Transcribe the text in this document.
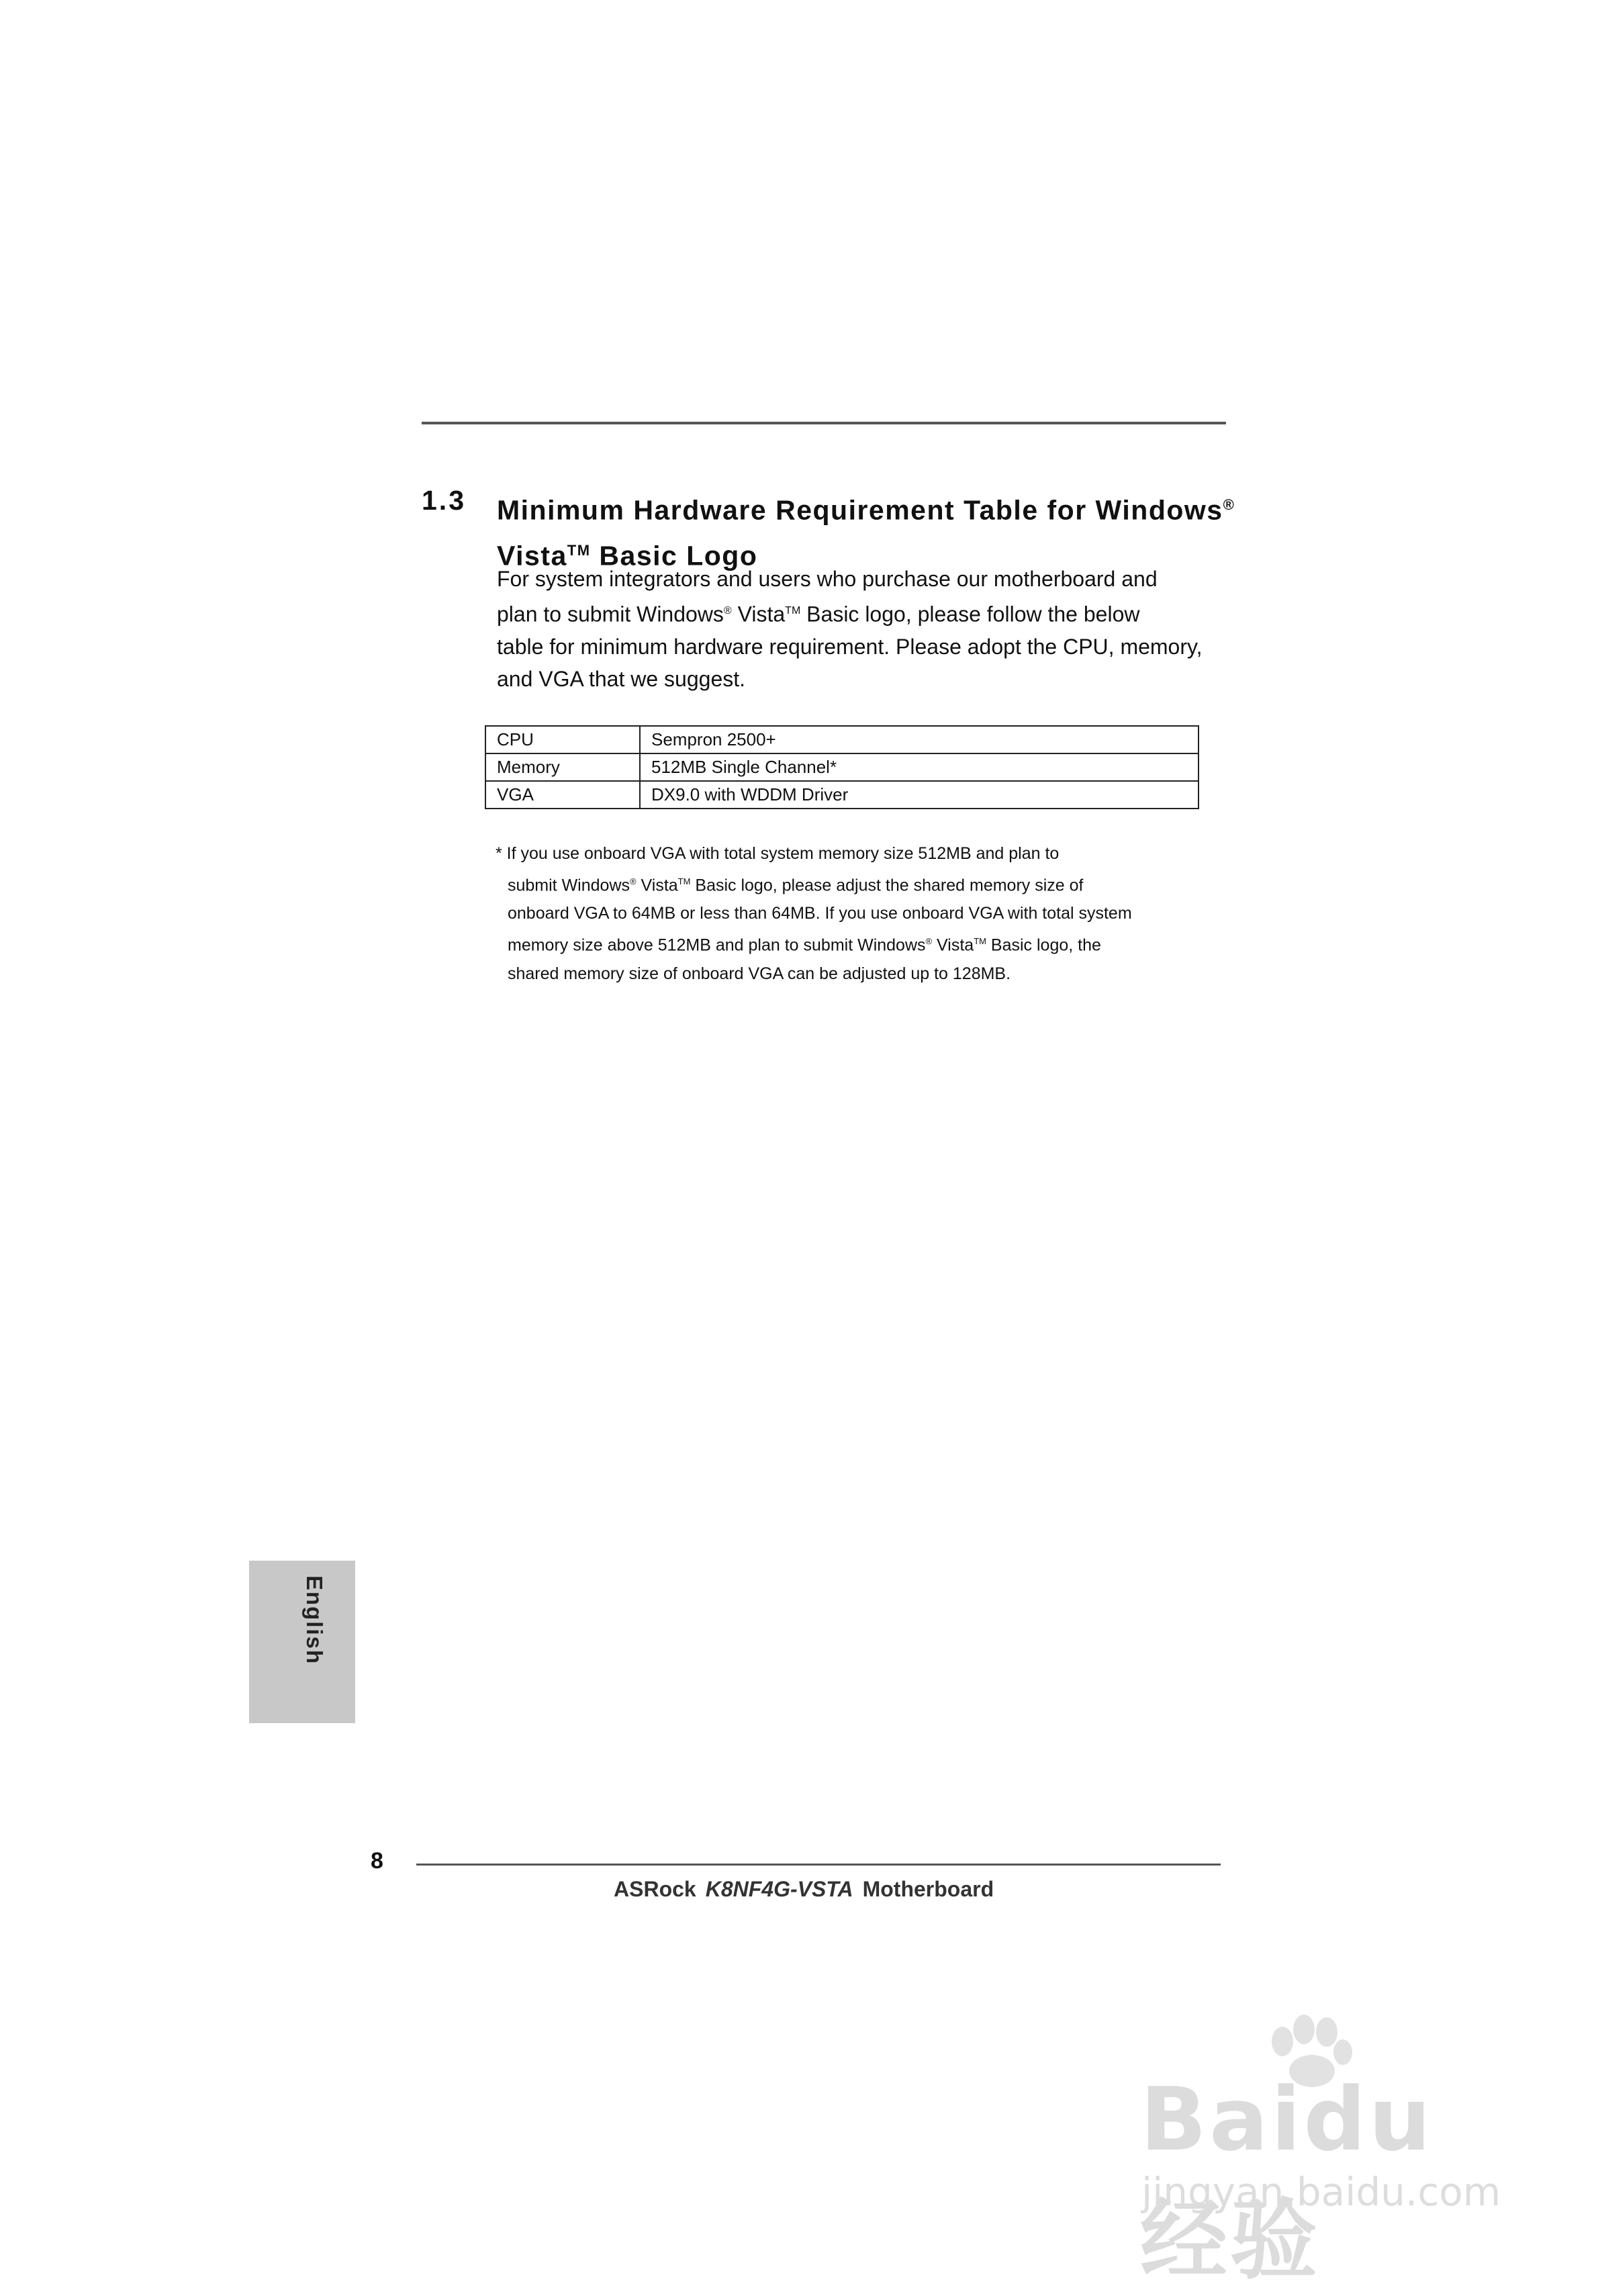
1.3 Minimum Hardware Requirement Table for Windows®
Vista™ Basic Logo
For system integrators and users who purchase our motherboard and
plan to submit Windows® Vista™ Basic logo, please follow the below
table for minimum hardware requirement. Please adopt the CPU, memory,
and VGA that we suggest.
CPU	Sempron 2500+
Memory	512MB Single Channel*
VGA	DX9.0 with WDDM Driver
* If you use onboard VGA with total system memory size 512MB and plan to
submit Windows® Vista™ Basic logo, please adjust the shared memory size of
onboard VGA to 64MB or less than 64MB. If you use onboard VGA with total system
memory size above 512MB and plan to submit Windows® Vista™ Basic logo, the
shared memory size of onboard VGA can be adjusted up to 128MB.
English
8
ASRock K8NF4G-VSTA Motherboard
Baidu经验
jingyan.baidu.com
